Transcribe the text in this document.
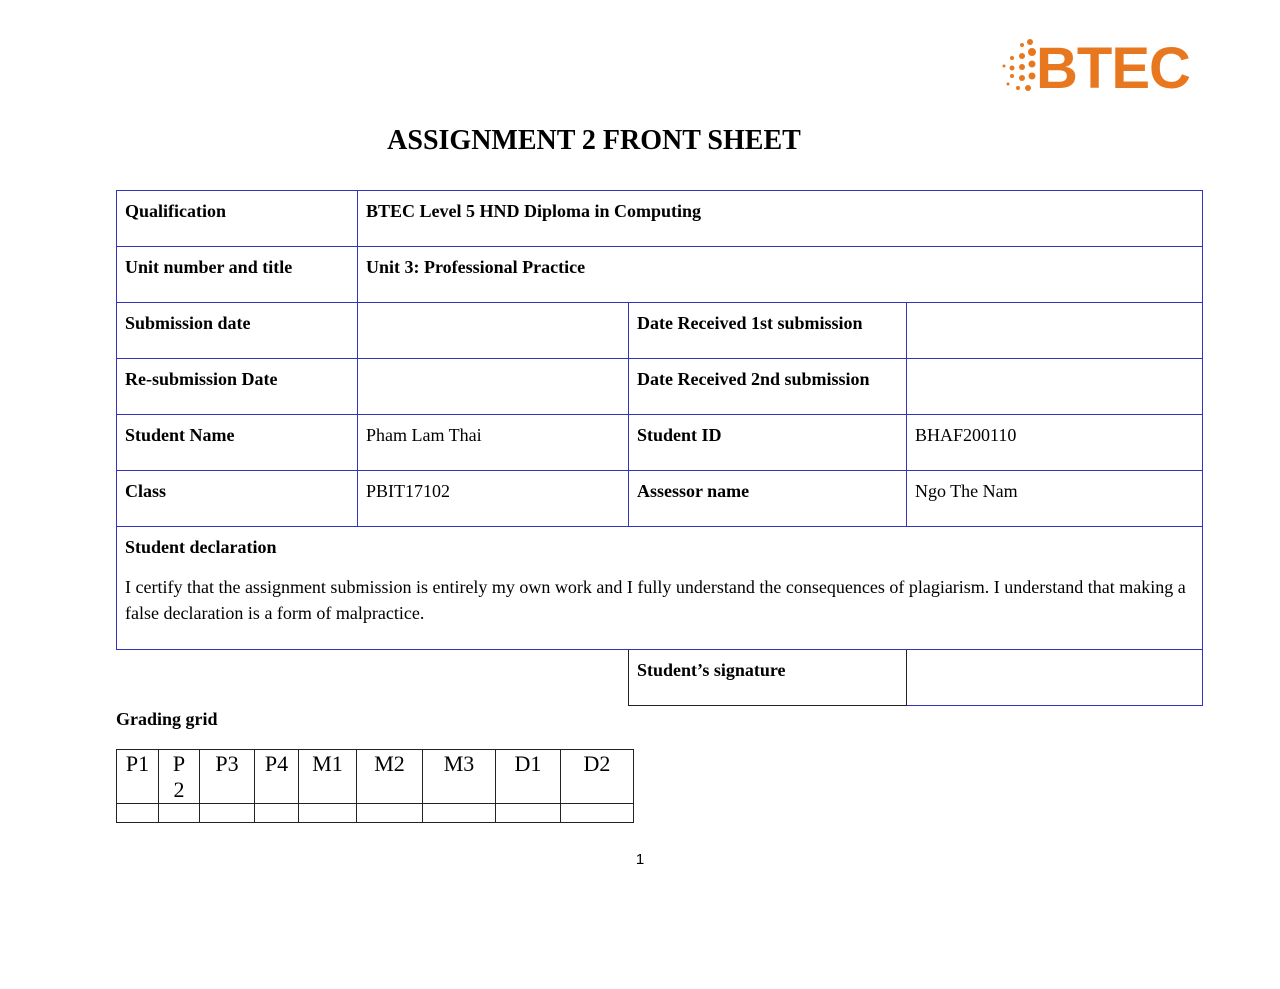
BTEC
ASSIGNMENT 2 FRONT SHEET
Qualification	BTEC Level 5 HND Diploma in Computing		
Unit number and title	Unit 3: Professional Practice		
Submission date		Date Received 1st submission	
Re-submission Date		Date Received 2nd submission	
Student Name	Pham Lam Thai	Student ID	BHAF200110
Class	PBIT17102	Assessor name	Ngo The Nam

Student declaration
I certify that the assignment submission is entirely my own work and I fully understand the consequences of plagiarism. I understand that making a false declaration is a form of malpractice.			
Student’s signature	
Grading grid
P1	P 2	P3	P4	M1	M2	M3	D1	D2

1
